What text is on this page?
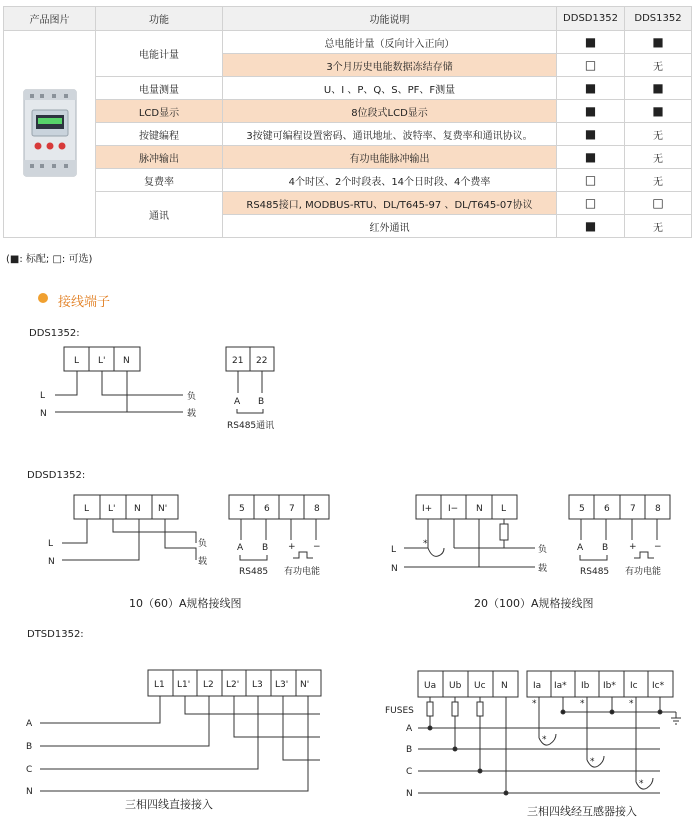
产品图片	功能	功能说明	DDSD1352	DDS1352
	电能计量	总电能计量（反向计入正向）	■	■
		3个月历史电能数据冻结存储	□	无
	电量测量	U、I 、P、Q、S、PF、F测量	■	■
	LCD显示	8位段式LCD显示	■	■
	按键编程	3按键可编程设置密码、通讯地址、波特率、复费率和通讯协议。	■	无
	脉冲输出	有功电能脉冲输出	■	无
	复费率	4个时区、2个时段表、14个日时段、4个费率	□	无
	通讯	RS485接口, MODBUS-RTU、DL/T645-97 、DL/T645-07协议	□	□
		红外通讯	■	无
(■: 标配; □: 可选)
接线端子
DDS1352:
L L' N
L
N
负
载
21 22
A B
RS485通讯
DDSD1352:
L L' N N'
L
N
负
载
5 6 7 8
A B + −
RS485 有功电能
10（60）A规格接线图
I+ I− N L
*
L
N
负
载
5 6 7 8
A B + −
RS485 有功电能
20（100）A规格接线图
DTSD1352:
L1 L1' L2 L2' L3 L3' N'
A
B
C
N
三相四线直接接入
Ua Ub Uc N	Ia Ia* Ib Ib* Ic Ic*
FUSES
A
B
C
N
*	*	*
*
*
*
三相四线经互感器接入
